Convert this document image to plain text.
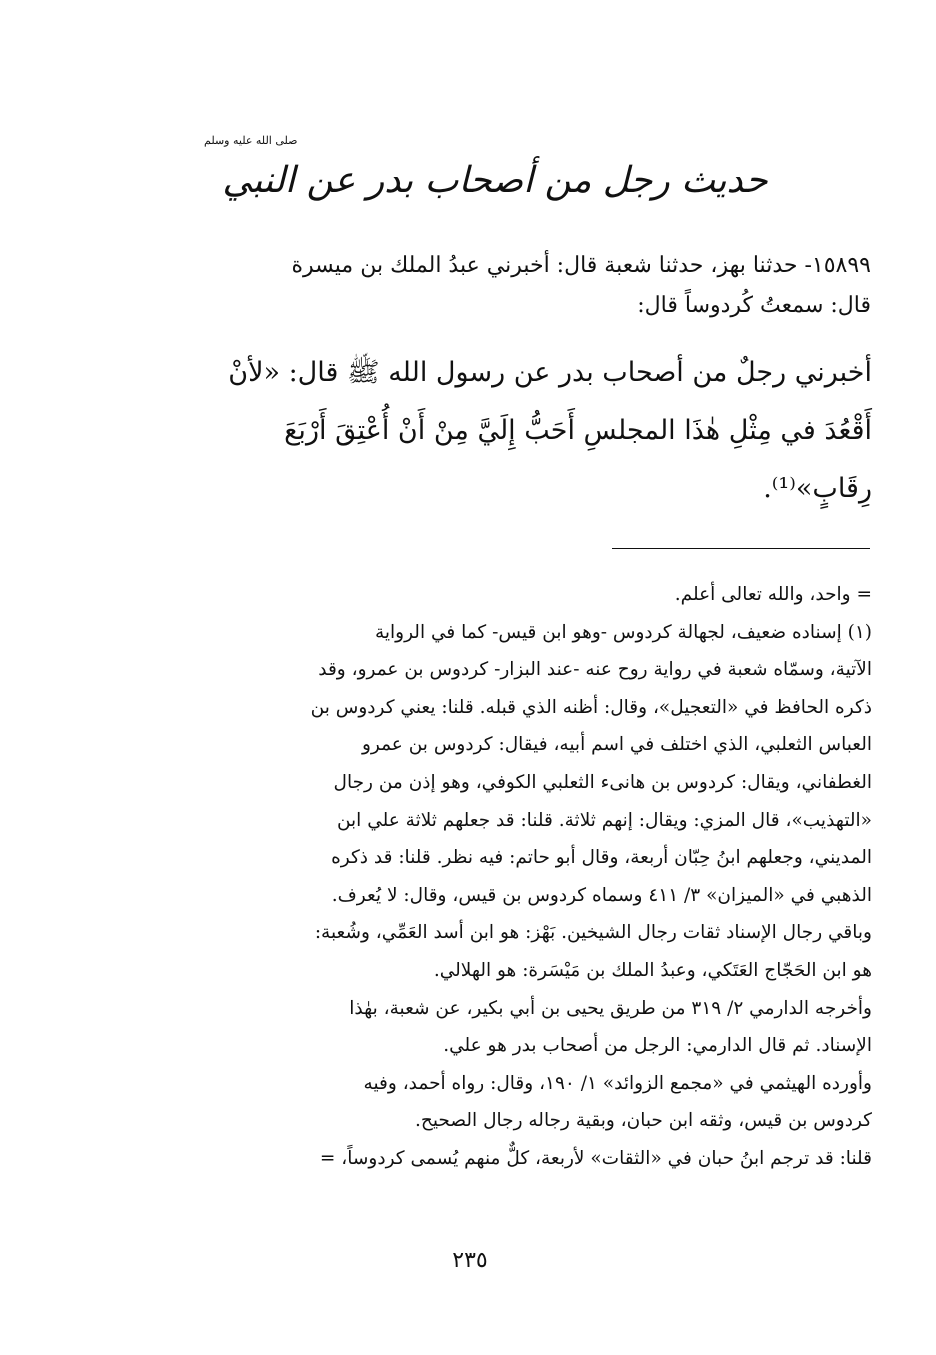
حديث رجل من أصحاب بدر عن النبي
صلى الله عليه وسلم
١٥٨٩٩- حدثنا بهز، حدثنا شعبة قال: أخبرني عبدُ الملك بن ميسرة
قال: سمعتُ كُردوساً قال:
أخبرني رجلٌ من أصحاب بدر عن رسول الله ﷺ قال: «لأنْ
أَقْعُدَ في مِثْلِ هٰذَا المجلسِ أَحَبُّ إِلَيَّ مِنْ أَنْ أُعْتِقَ أَرْبَعَ
رِقَابٍ»⁽¹⁾.
= واحد، والله تعالى أعلم.
(١) إسناده ضعيف، لجهالة كردوس -وهو ابن قيس- كما في الرواية
الآتية، وسمّاه شعبة في رواية روح عنه -عند البزار- كردوس بن عمرو، وقد
ذكره الحافظ في «التعجيل»، وقال: أظنه الذي قبله. قلنا: يعني كردوس بن
العباس الثعلبي، الذي اختلف في اسم أبيه، فيقال: كردوس بن عمرو
الغطفاني، ويقال: كردوس بن هانىء الثعلبي الكوفي، وهو إذن من رجال
«التهذيب»، قال المزي: ويقال: إنهم ثلاثة. قلنا: قد جعلهم ثلاثة علي ابن
المديني، وجعلهم ابنُ حِبّان أربعة، وقال أبو حاتم: فيه نظر. قلنا: قد ذكره
الذهبي في «الميزان» ٣/ ٤١١ وسماه كردوس بن قيس، وقال: لا يُعرف.
وباقي رجال الإسناد ثقات رجال الشيخين. بَهْز: هو ابن أسد العَمِّي، وشُعبة:
هو ابن الحَجّاج العَتَكي، وعبدُ الملك بن مَيْسَرة: هو الهلالي.
وأخرجه الدارمي ٢/ ٣١٩ من طريق يحيى بن أبي بكير، عن شعبة، بهٰذا
الإسناد. ثم قال الدارمي: الرجل من أصحاب بدر هو علي.
وأورده الهيثمي في «مجمع الزوائد» ١/ ١٩٠، وقال: رواه أحمد، وفيه
كردوس بن قيس، وثقه ابن حبان، وبقية رجاله رجال الصحيح.
قلنا: قد ترجم ابنُ حبان في «الثقات» لأربعة، كلٌّ منهم يُسمى كردوساً، =
٢٣٥
